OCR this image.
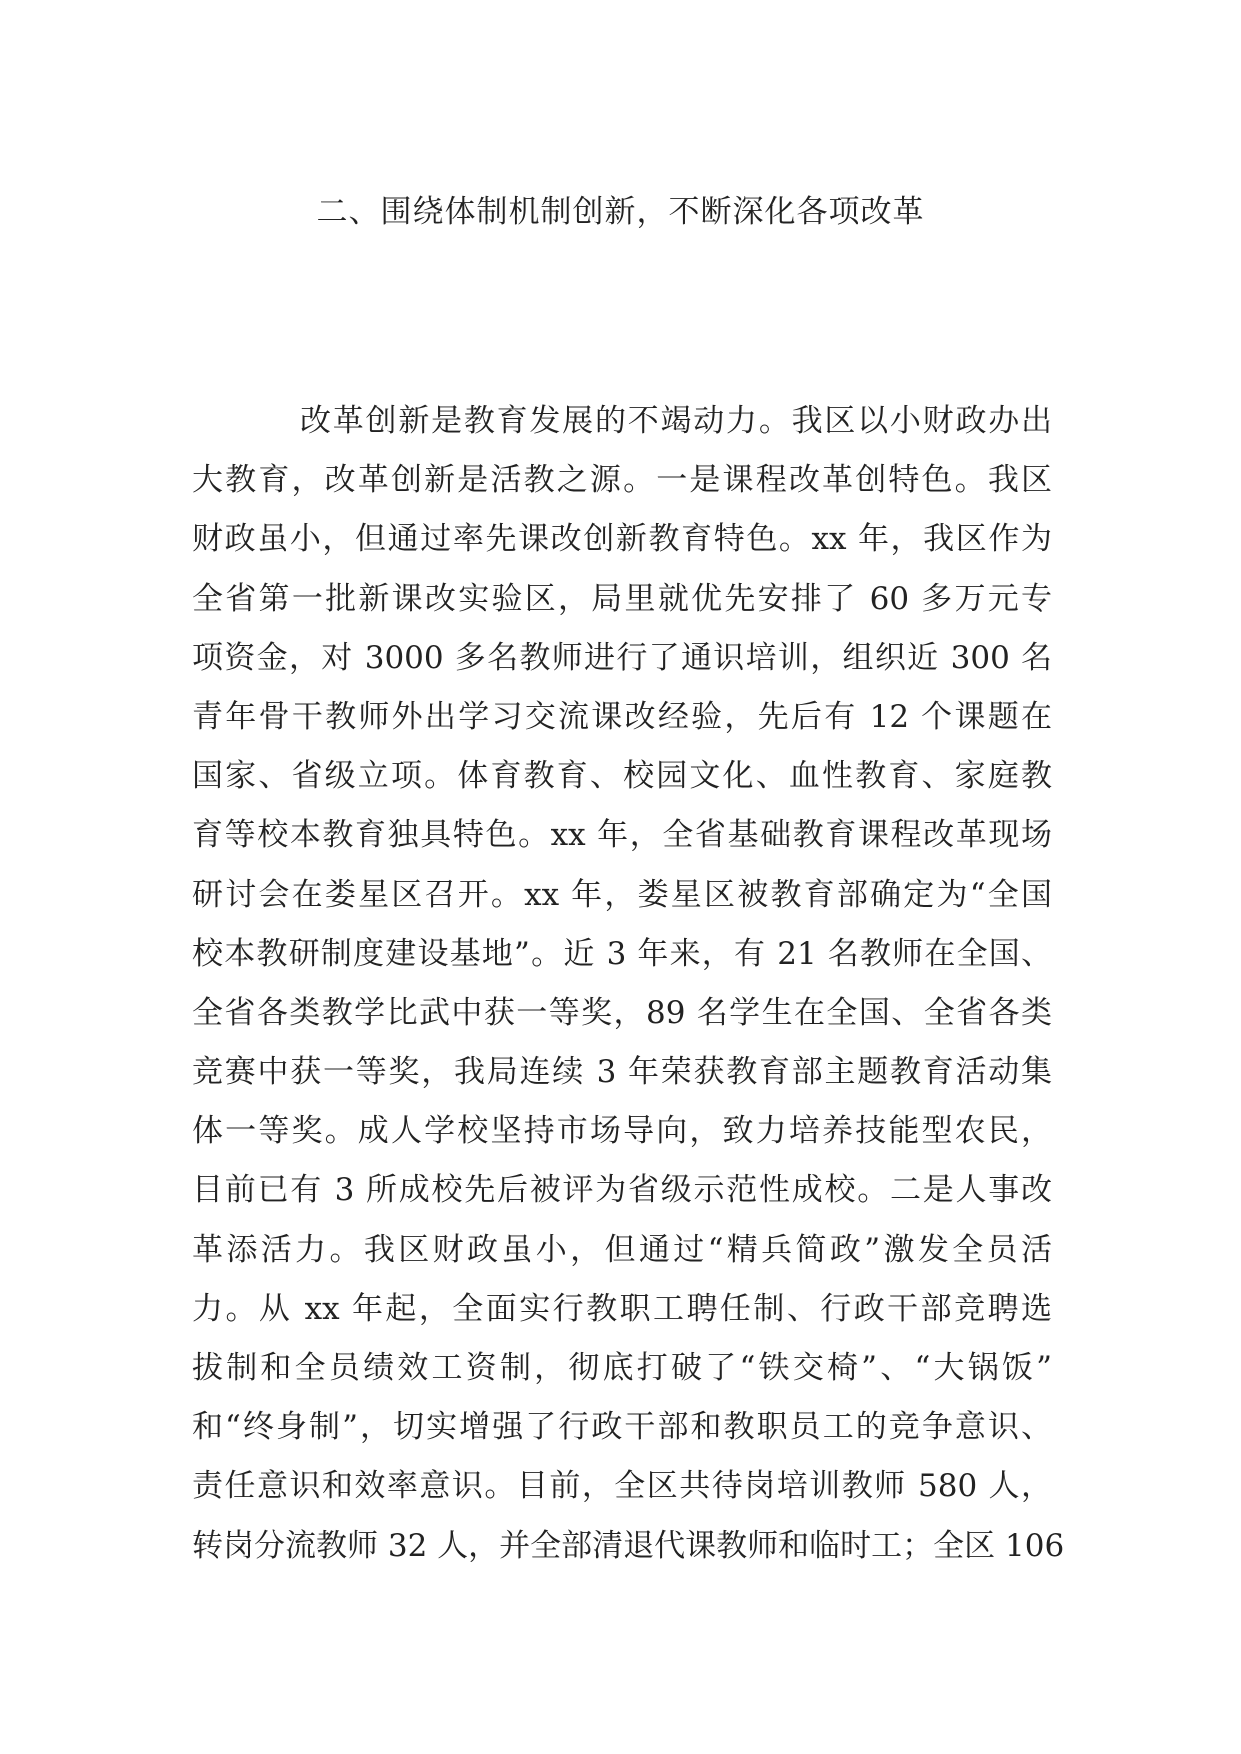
二、围绕体制机制创新，不断深化各项改革
改革创新是教育发展的不竭动力。我区以小财政办出
大教育，改革创新是活教之源。一是课程改革创特色。我区
财政虽小，但通过率先课改创新教育特色。xx 年，我区作为
全省第一批新课改实验区，局里就优先安排了 60 多万元专
项资金，对 3000 多名教师进行了通识培训，组织近 300 名
青年骨干教师外出学习交流课改经验，先后有 12 个课题在
国家、省级立项。体育教育、校园文化、血性教育、家庭教
育等校本教育独具特色。xx 年，全省基础教育课程改革现场
研讨会在娄星区召开。xx 年，娄星区被教育部确定为“全国
校本教研制度建设基地”。近 3 年来，有 21 名教师在全国、
全省各类教学比武中获一等奖，89 名学生在全国、全省各类
竞赛中获一等奖，我局连续 3 年荣获教育部主题教育活动集
体一等奖。成人学校坚持市场导向，致力培养技能型农民，
目前已有 3 所成校先后被评为省级示范性成校。二是人事改
革添活力。我区财政虽小，但通过“精兵简政”激发全员活
力。从 xx 年起，全面实行教职工聘任制、行政干部竞聘选
拔制和全员绩效工资制，彻底打破了“铁交椅”、“大锅饭”
和“终身制”，切实增强了行政干部和教职员工的竞争意识、
责任意识和效率意识。目前，全区共待岗培训教师 580 人，
转岗分流教师 32 人，并全部清退代课教师和临时工；全区 106
